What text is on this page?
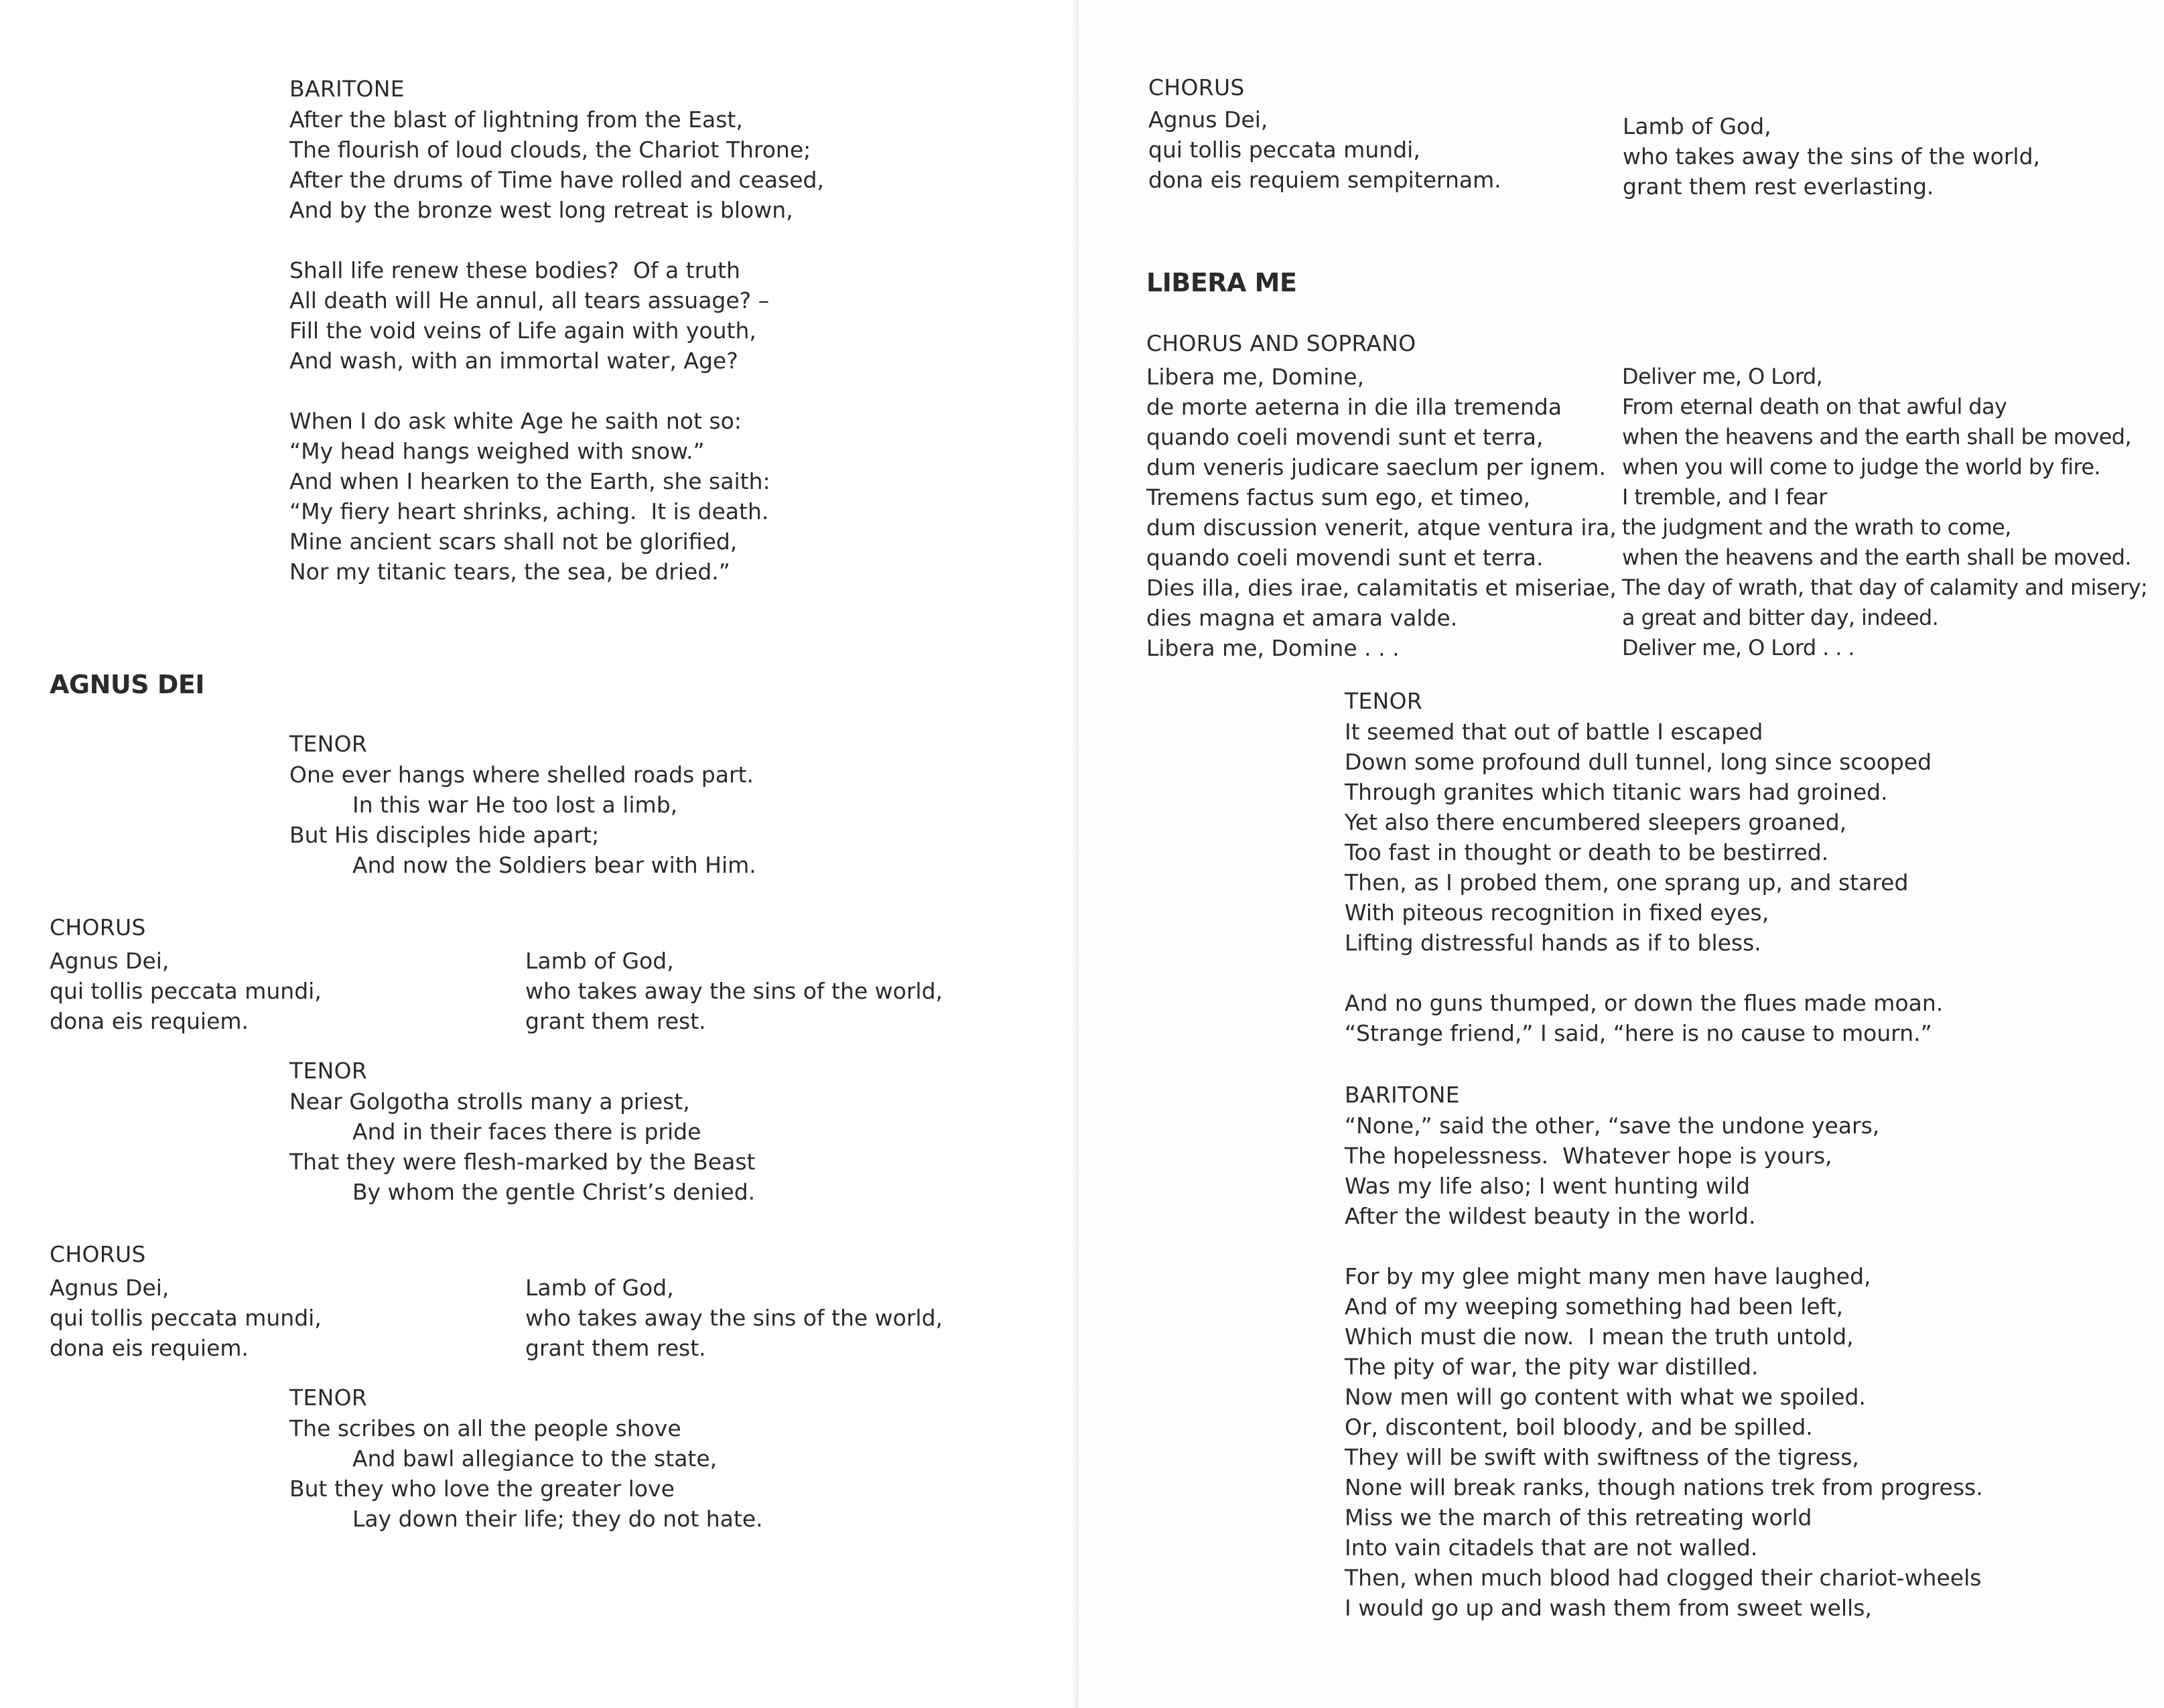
BARITONE
After the blast of lightning from the East,
The flourish of loud clouds, the Chariot Throne;
After the drums of Time have rolled and ceased,
And by the bronze west long retreat is blown,
Shall life renew these bodies?  Of a truth
All death will He annul, all tears assuage? –
Fill the void veins of Life again with youth,
And wash, with an immortal water, Age?
When I do ask white Age he saith not so:
“My head hangs weighed with snow.”
And when I hearken to the Earth, she saith:
“My fiery heart shrinks, aching.  It is death.
Mine ancient scars shall not be glorified,
Nor my titanic tears, the sea, be dried.”
AGNUS DEI
TENOR
One ever hangs where shelled roads part.
In this war He too lost a limb,
But His disciples hide apart;
And now the Soldiers bear with Him.
CHORUS
Agnus Dei,
qui tollis peccata mundi,
dona eis requiem.
Lamb of God,
who takes away the sins of the world,
grant them rest.
TENOR
Near Golgotha strolls many a priest,
And in their faces there is pride
That they were flesh-marked by the Beast
By whom the gentle Christ’s denied.
CHORUS
Agnus Dei,
qui tollis peccata mundi,
dona eis requiem.
Lamb of God,
who takes away the sins of the world,
grant them rest.
TENOR
The scribes on all the people shove
And bawl allegiance to the state,
But they who love the greater love
Lay down their life; they do not hate.
CHORUS
Agnus Dei,
qui tollis peccata mundi,
dona eis requiem sempiternam.
Lamb of God,
who takes away the sins of the world,
grant them rest everlasting.
LIBERA ME
CHORUS AND SOPRANO
Libera me, Domine,
de morte aeterna in die illa tremenda
quando coeli movendi sunt et terra,
dum veneris judicare saeclum per ignem.
Tremens factus sum ego, et timeo,
dum discussion venerit, atque ventura ira,
quando coeli movendi sunt et terra.
Dies illa, dies irae, calamitatis et miseriae,
dies magna et amara valde.
Libera me, Domine . . .
Deliver me, O Lord,
From eternal death on that awful day
when the heavens and the earth shall be moved,
when you will come to judge the world by fire.
I tremble, and I fear
the judgment and the wrath to come,
when the heavens and the earth shall be moved.
The day of wrath, that day of calamity and misery;
a great and bitter day, indeed.
Deliver me, O Lord . . .
TENOR
It seemed that out of battle I escaped
Down some profound dull tunnel, long since scooped
Through granites which titanic wars had groined.
Yet also there encumbered sleepers groaned,
Too fast in thought or death to be bestirred.
Then, as I probed them, one sprang up, and stared
With piteous recognition in fixed eyes,
Lifting distressful hands as if to bless.
And no guns thumped, or down the flues made moan.
“Strange friend,” I said, “here is no cause to mourn.”
BARITONE
“None,” said the other, “save the undone years,
The hopelessness.  Whatever hope is yours,
Was my life also; I went hunting wild
After the wildest beauty in the world.
For by my glee might many men have laughed,
And of my weeping something had been left,
Which must die now.  I mean the truth untold,
The pity of war, the pity war distilled.
Now men will go content with what we spoiled.
Or, discontent, boil bloody, and be spilled.
They will be swift with swiftness of the tigress,
None will break ranks, though nations trek from progress.
Miss we the march of this retreating world
Into vain citadels that are not walled.
Then, when much blood had clogged their chariot-wheels
I would go up and wash them from sweet wells,
